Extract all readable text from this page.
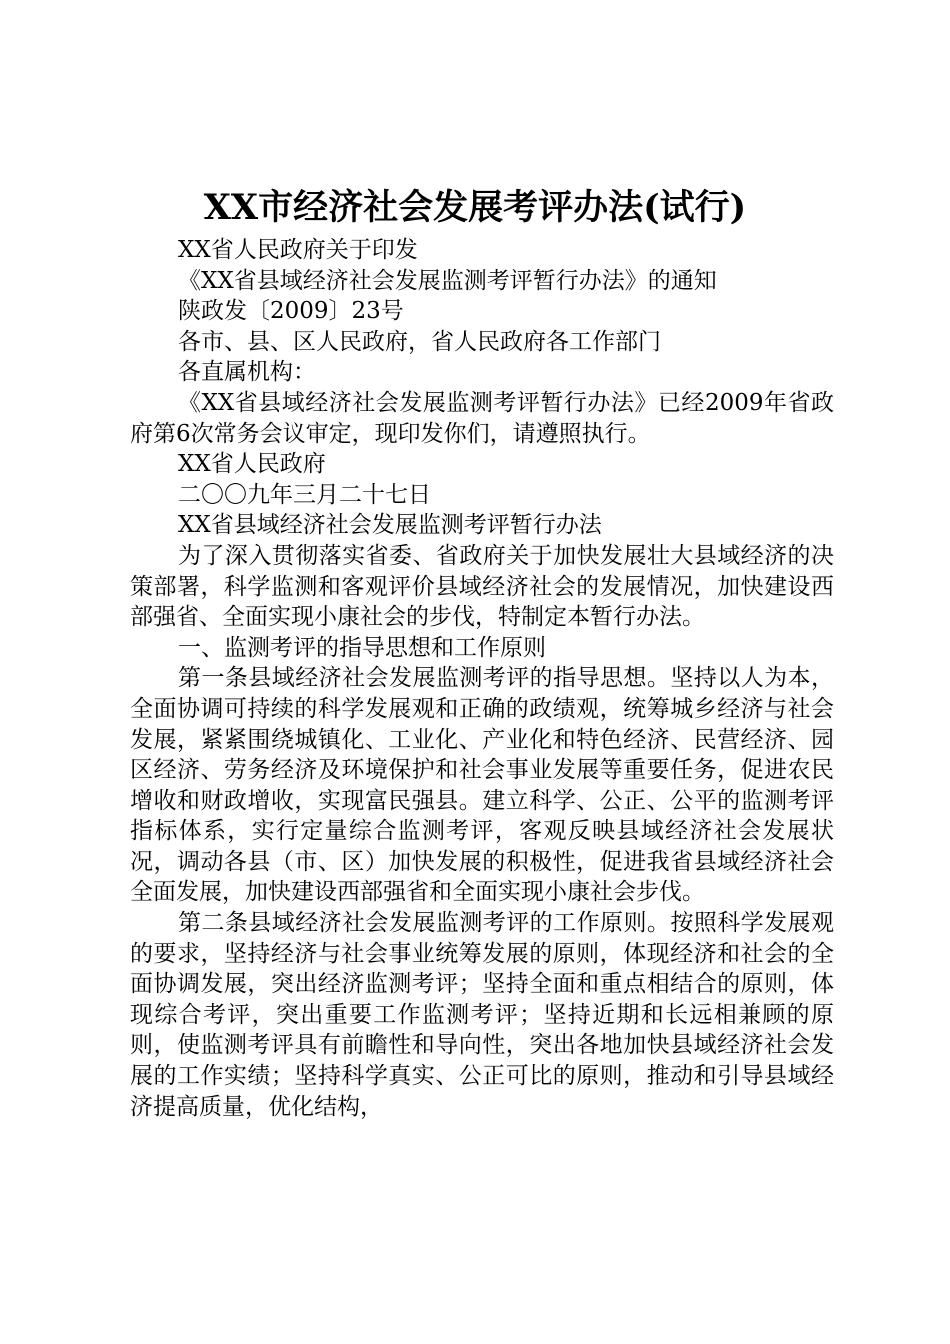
XX市经济社会发展考评办法(试行)

XX省人民政府关于印发

《XX省县域经济社会发展监测考评暂行办法》的通知

陕政发〔2009〕23号

各市、县、区人民政府，省人民政府各工作部门

各直属机构：

《XX省县域经济社会发展监测考评暂行办法》已经2009年省政府第6次常务会议审定，现印发你们，请遵照执行。

XX省人民政府

二〇〇九年三月二十七日

XX省县域经济社会发展监测考评暂行办法

为了深入贯彻落实省委、省政府关于加快发展壮大县域经济的决策部署，科学监测和客观评价县域经济社会的发展情况，加快建设西部强省、全面实现小康社会的步伐，特制定本暂行办法。

一、监测考评的指导思想和工作原则

第一条县域经济社会发展监测考评的指导思想。坚持以人为本，全面协调可持续的科学发展观和正确的政绩观，统筹城乡经济与社会发展，紧紧围绕城镇化、工业化、产业化和特色经济、民营经济、园区经济、劳务经济及环境保护和社会事业发展等重要任务，促进农民增收和财政增收，实现富民强县。建立科学、公正、公平的监测考评指标体系，实行定量综合监测考评，客观反映县域经济社会发展状况，调动各县（市、区）加快发展的积极性，促进我省县域经济社会全面发展，加快建设西部强省和全面实现小康社会步伐。

第二条县域经济社会发展监测考评的工作原则。按照科学发展观的要求，坚持经济与社会事业统筹发展的原则，体现经济和社会的全面协调发展，突出经济监测考评；坚持全面和重点相结合的原则，体现综合考评，突出重要工作监测考评；坚持近期和长远相兼顾的原则，使监测考评具有前瞻性和导向性，突出各地加快县域经济社会发展的工作实绩；坚持科学真实、公正可比的原则，推动和引导县域经济提高质量，优化结构，
